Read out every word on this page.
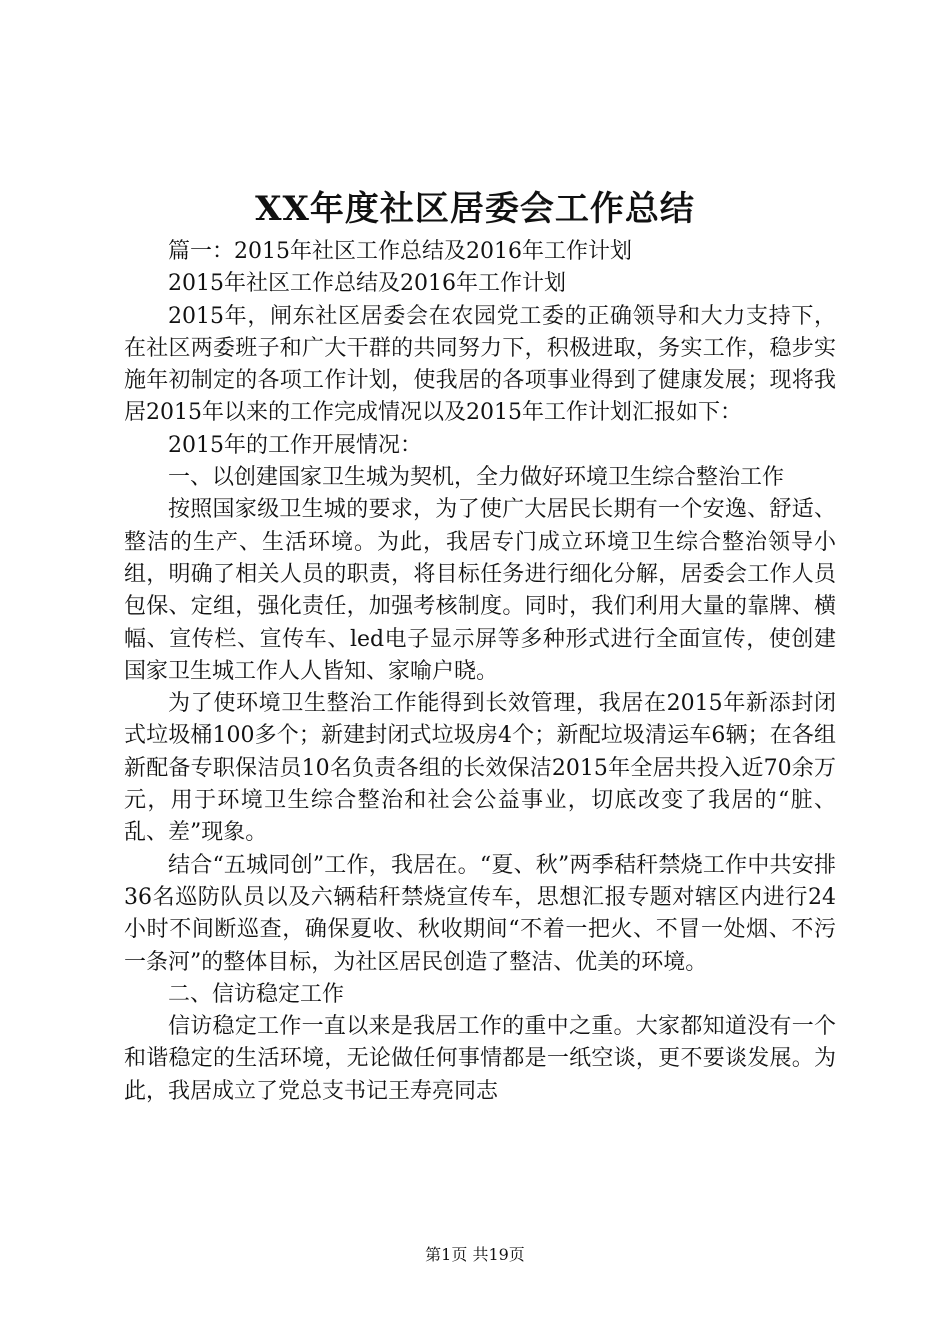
XX年度社区居委会工作总结

篇一：2015年社区工作总结及2016年工作计划

2015年社区工作总结及2016年工作计划

2015年，闸东社区居委会在农园党工委的正确领导和大力支持下，在社区两委班子和广大干群的共同努力下，积极进取，务实工作，稳步实施年初制定的各项工作计划，使我居的各项事业得到了健康发展；现将我居2015年以来的工作完成情况以及2015年工作计划汇报如下：

2015年的工作开展情况：

一、以创建国家卫生城为契机，全力做好环境卫生综合整治工作

按照国家级卫生城的要求，为了使广大居民长期有一个安逸、舒适、整洁的生产、生活环境。为此，我居专门成立环境卫生综合整治领导小组，明确了相关人员的职责，将目标任务进行细化分解，居委会工作人员包保、定组，强化责任，加强考核制度。同时，我们利用大量的靠牌、横幅、宣传栏、宣传车、led电子显示屏等多种形式进行全面宣传，使创建国家卫生城工作人人皆知、家喻户晓。

为了使环境卫生整治工作能得到长效管理，我居在2015年新添封闭式垃圾桶100多个；新建封闭式垃圾房4个；新配垃圾清运车6辆；在各组新配备专职保洁员10名负责各组的长效保洁2015年全居共投入近70余万元，用于环境卫生综合整治和社会公益事业，切底改变了我居的“脏、乱、差”现象。

结合“五城同创”工作，我居在。“夏、秋”两季秸秆禁烧工作中共安排36名巡防队员以及六辆秸秆禁烧宣传车，思想汇报专题对辖区内进行24小时不间断巡查，确保夏收、秋收期间“不着一把火、不冒一处烟、不污一条河”的整体目标，为社区居民创造了整洁、优美的环境。

二、信访稳定工作

信访稳定工作一直以来是我居工作的重中之重。大家都知道没有一个和谐稳定的生活环境，无论做任何事情都是一纸空谈，更不要谈发展。为此，我居成立了党总支书记王寿亮同志

第1页 共19页
